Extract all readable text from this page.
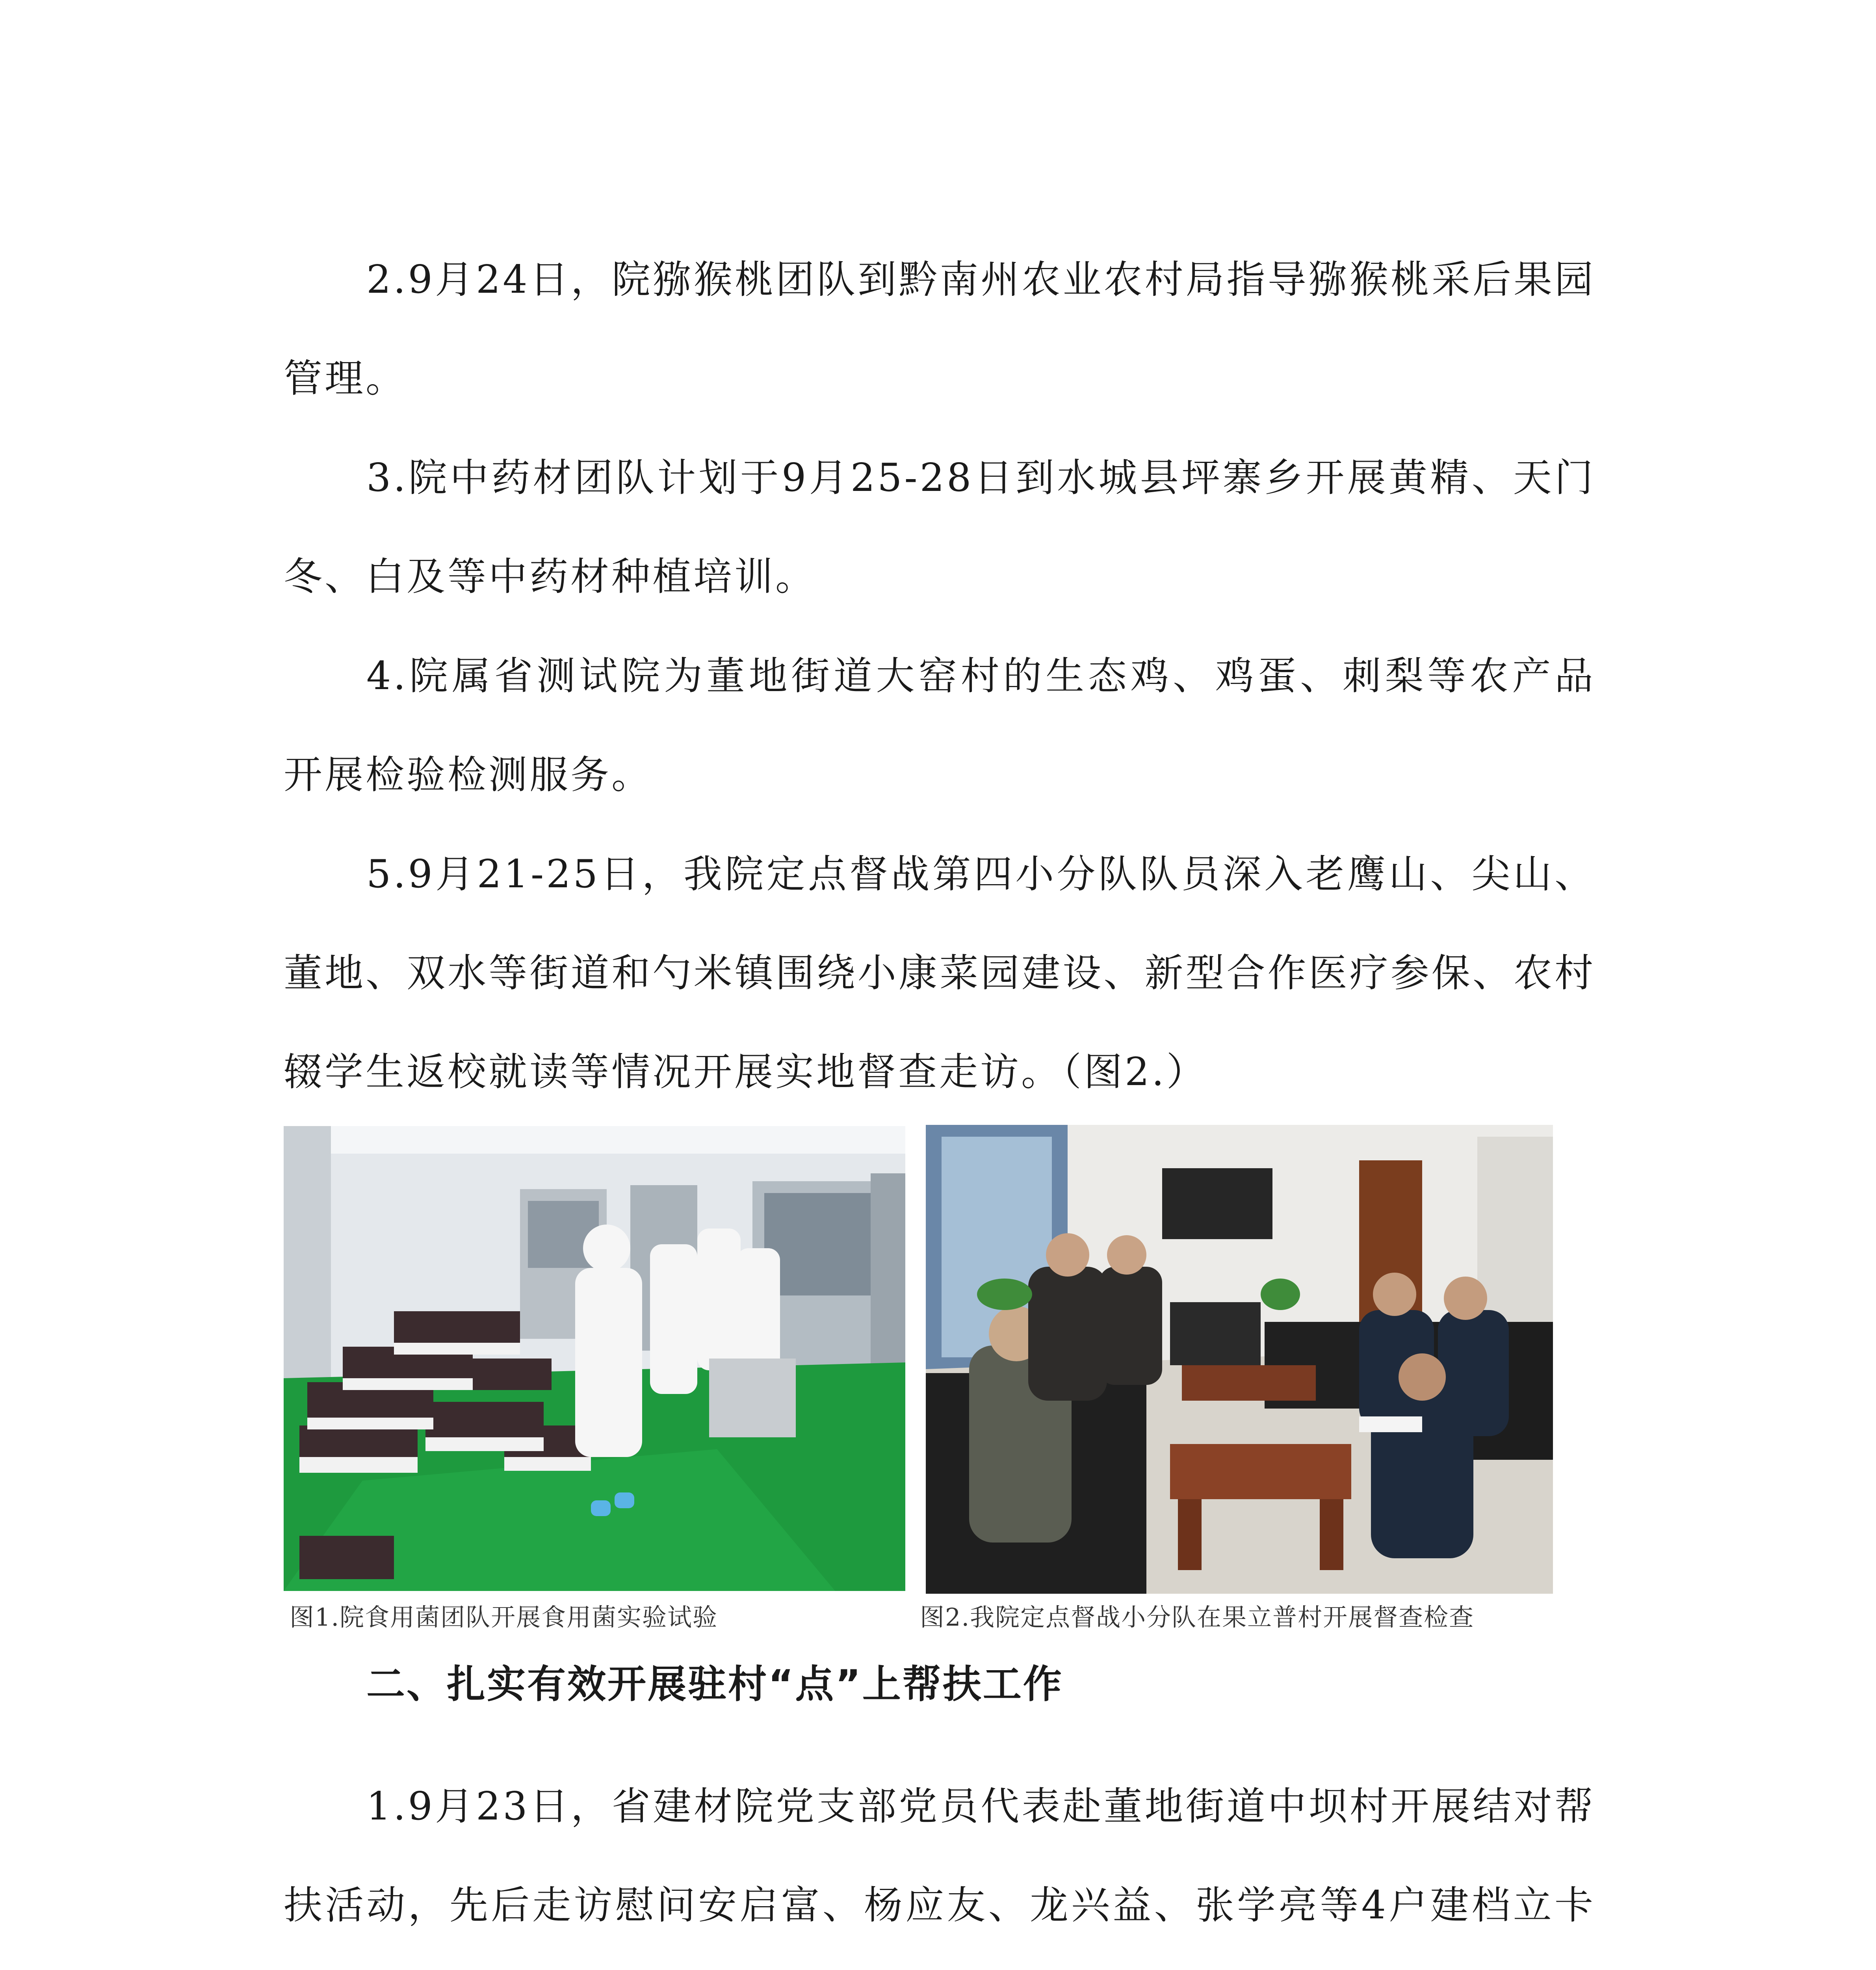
2.9月24日，院猕猴桃团队到黔南州农业农村局指导猕猴桃采后果园管理。

3.院中药材团队计划于9月25-28日到水城县坪寨乡开展黄精、天门冬、白及等中药材种植培训。

4.院属省测试院为董地街道大窑村的生态鸡、鸡蛋、刺梨等农产品开展检验检测服务。

5.9月21-25日，我院定点督战第四小分队队员深入老鹰山、尖山、董地、双水等街道和勺米镇围绕小康菜园建设、新型合作医疗参保、农村辍学生返校就读等情况开展实地督查走访。（图2.）

图1.院食用菌团队开展食用菌实验试验	图2.我院定点督战小分队在果立普村开展督查检查
二、扎实有效开展驻村“点”上帮扶工作

1.9月23日，省建材院党支部党员代表赴董地街道中坝村开展结对帮扶活动，先后走访慰问安启富、杨应友、龙兴益、张学亮等4户建档立卡
